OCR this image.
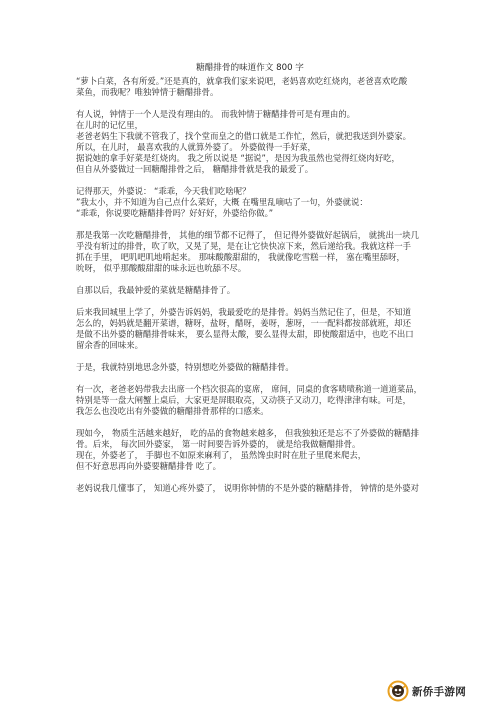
糖醋排骨的味道作文 800 字
“萝卜白菜，各有所爱。”还是真的，就拿我们家来说吧，老妈喜欢吃红烧肉，老爸喜欢吃酸
菜鱼，而我呢？唯独钟情于糖醋排骨。
有人说，钟情于一个人是没有理由的。 而我钟情于糖醋排骨可是有理由的。
在儿时的记忆里，
老爸老妈生下我就不管我了，找个堂而皇之的借口就是工作忙，然后，就把我送到外婆家。
所以，在儿时， 最喜欢我的人就算外婆了。 外婆做得一手好菜，
据说她的拿手好菜是红烧肉。 我之所以说是 “据说”，是因为我虽然也觉得红烧肉好吃，
但自从外婆做过一回糖醋排骨之后， 糖醋排骨就是我的最爱了。
记得那天，外婆说： “乖乖，今天我们吃啥呢？
”我太小，并不知道为自己点什么菜好，大概 在嘴里乱嘀咕了一句，外婆就说：
“乖乖，你说要吃糖醋排骨吗？好好好，外婆给你做。”
那是我第一次吃糖醋排骨， 其他的细节都不记得了， 但记得外婆做好起锅后， 就挑出一块几
乎没有斩过的排骨，吹了吹，又晃了晃，是在让它快快凉下来，然后递给我。我就这样一手
抓在手里， 吧叽吧叽地啃起来。 那味酸酸甜甜的， 我就像吃雪糕一样， 塞在嘴里舔呀，
吮呀， 似乎那酸酸甜甜的味永远也吮舔不尽。
自那以后，我最钟爱的菜就是糖醋排骨了。
后来我回城里上学了，外婆告诉妈妈，我最爱吃的是排骨。妈妈当然记住了，但是，不知道
怎么的，妈妈就是翻开菜谱，糖呀，盐呀，醋呀，姜呀，葱呀，一一配料都按部就班，却还
是做不出外婆的糖醋排骨味来， 要么显得太酸，要么显得太甜，即使酸甜适中，也吃不出口
留余香的回味来。
于是，我就特别地思念外婆，特别想吃外婆做的糖醋排骨。
有一次，老爸老妈带我去出席一个档次很高的宴席， 席间，同桌的食客啧啧称道一道道菜品，
特别是等一盘大闸蟹上桌后，大家更是屏眼取亮，又动筷子又动刀，吃得津津有味。可是，
我怎么也没吃出有外婆做的糖醋排骨那样的口感来。
现如今， 物质生活越来越好， 吃的品的食物越来越多， 但我独独还是忘不了外婆做的糖醋排
骨。后来， 每次回外婆家， 第一时间要告诉外婆的， 就是给我做糖醋排骨。
现在，外婆老了， 手脚也不如原来麻利了， 虽然馋虫时时在肚子里爬来爬去，
但不好意思再向外婆要糖醋排骨 吃了。
老妈说我几懂事了， 知道心疼外婆了， 说明你钟情的不是外婆的糖醋排骨， 钟情的是外婆对
新侨手游网
